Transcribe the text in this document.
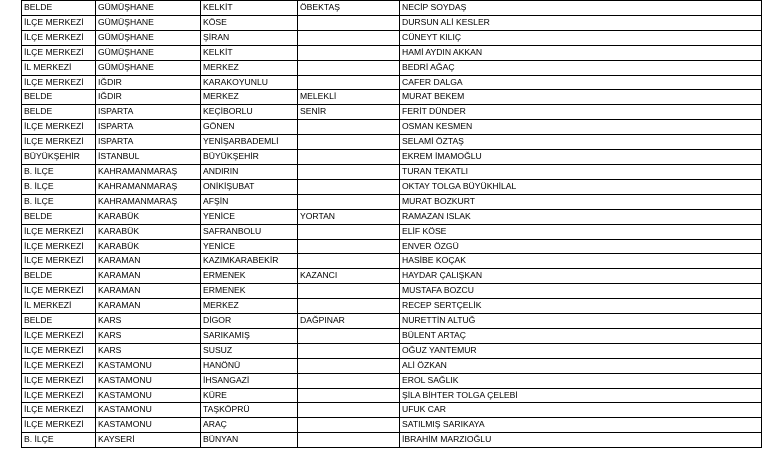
BELDE	GÜMÜŞHANE	KELKİT	ÖBEKTAŞ	NECİP SOYDAŞ
İLÇE MERKEZİ	GÜMÜŞHANE	KÖSE		DURSUN ALİ KESLER
İLÇE MERKEZİ	GÜMÜŞHANE	ŞİRAN		CÜNEYT KILIÇ
İLÇE MERKEZİ	GÜMÜŞHANE	KELKİT		HAMİ AYDIN AKKAN
İL MERKEZİ	GÜMÜŞHANE	MERKEZ		BEDRİ AĞAÇ
İLÇE MERKEZİ	IĞDIR	KARAKOYUNLU		CAFER DALGA
BELDE	IĞDIR	MERKEZ	MELEKLİ	MURAT BEKEM
BELDE	ISPARTA	KEÇİBORLU	SENİR	FERİT DÜNDER
İLÇE MERKEZİ	ISPARTA	GÖNEN		OSMAN KESMEN
İLÇE MERKEZİ	ISPARTA	YENİŞARBADEMLİ		SELAMİ ÖZTAŞ
BÜYÜKŞEHİR	İSTANBUL	BÜYÜKŞEHİR		EKREM İMAMOĞLU
B. İLÇE	KAHRAMANMARAŞ	ANDIRIN		TURAN TEKATLI
B. İLÇE	KAHRAMANMARAŞ	ONİKİŞUBAT		OKTAY TOLGA BÜYÜKHİLAL
B. İLÇE	KAHRAMANMARAŞ	AFŞİN		MURAT BOZKURT
BELDE	KARABÜK	YENİCE	YORTAN	RAMAZAN ISLAK
İLÇE MERKEZİ	KARABÜK	SAFRANBOLU		ELİF KÖSE
İLÇE MERKEZİ	KARABÜK	YENİCE		ENVER ÖZGÜ
İLÇE MERKEZİ	KARAMAN	KAZIMKARABEKİR		HASİBE KOÇAK
BELDE	KARAMAN	ERMENEK	KAZANCI	HAYDAR ÇALIŞKAN
İLÇE MERKEZİ	KARAMAN	ERMENEK		MUSTAFA BOZCU
İL MERKEZİ	KARAMAN	MERKEZ		RECEP SERTÇELİK
BELDE	KARS	DİGOR	DAĞPINAR	NURETTİN ALTUĞ
İLÇE MERKEZİ	KARS	SARIKAMIŞ		BÜLENT ARTAÇ
İLÇE MERKEZİ	KARS	SUSUZ		OĞUZ YANTEMUR
İLÇE MERKEZİ	KASTAMONU	HANÖNÜ		ALİ ÖZKAN
İLÇE MERKEZİ	KASTAMONU	İHSANGAZİ		EROL SAĞLIK
İLÇE MERKEZİ	KASTAMONU	KÜRE		ŞİLA BİHTER TOLGA ÇELEBİ
İLÇE MERKEZİ	KASTAMONU	TAŞKÖPRÜ		UFUK CAR
İLÇE MERKEZİ	KASTAMONU	ARAÇ		SATILMIŞ SARIKAYA
B. İLÇE	KAYSERİ	BÜNYAN		İBRAHİM MARZIOĞLU
